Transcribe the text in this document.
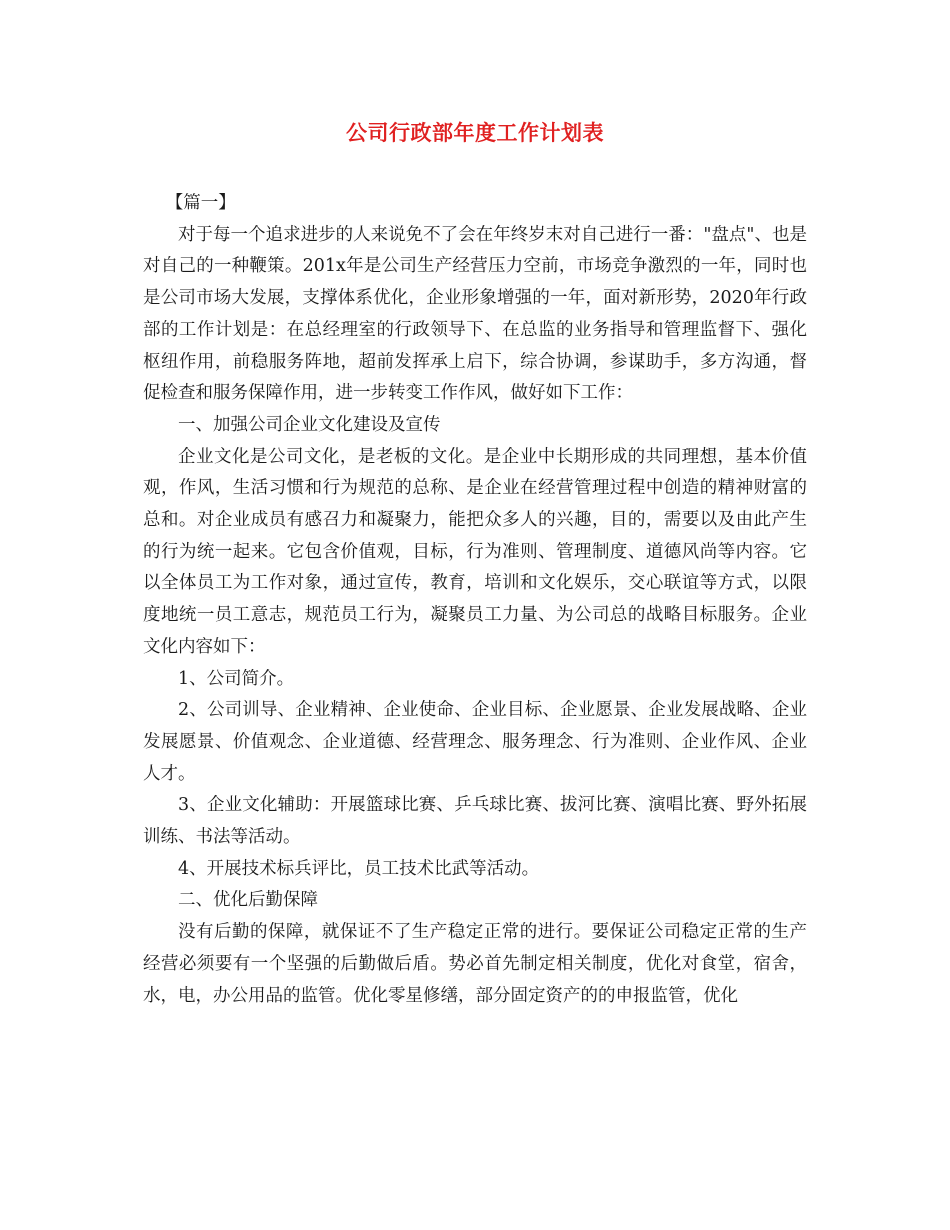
公司行政部年度工作计划表

【篇一】

对于每一个追求进步的人来说免不了会在年终岁末对自己进行一番："盘点"、也是对自己的一种鞭策。201x年是公司生产经营压力空前，市场竞争激烈的一年，同时也是公司市场大发展，支撑体系优化，企业形象增强的一年，面对新形势，2020年行政部的工作计划是：在总经理室的行政领导下、在总监的业务指导和管理监督下、强化枢纽作用，前稳服务阵地，超前发挥承上启下，综合协调，参谋助手，多方沟通，督促检查和服务保障作用，进一步转变工作作风，做好如下工作：

一、加强公司企业文化建设及宣传

企业文化是公司文化，是老板的文化。是企业中长期形成的共同理想，基本价值观，作风，生活习惯和行为规范的总称、是企业在经营管理过程中创造的精神财富的总和。对企业成员有感召力和凝聚力，能把众多人的兴趣，目的，需要以及由此产生的行为统一起来。它包含价值观，目标，行为准则、管理制度、道德风尚等内容。它以全体员工为工作对象，通过宣传，教育，培训和文化娱乐，交心联谊等方式，以限度地统一员工意志，规范员工行为，凝聚员工力量、为公司总的战略目标服务。企业文化内容如下：

1、公司简介。

2、公司训导、企业精神、企业使命、企业目标、企业愿景、企业发展战略、企业发展愿景、价值观念、企业道德、经营理念、服务理念、行为准则、企业作风、企业人才。

3、企业文化辅助：开展篮球比赛、乒乓球比赛、拔河比赛、演唱比赛、野外拓展训练、书法等活动。

4、开展技术标兵评比，员工技术比武等活动。

二、优化后勤保障

没有后勤的保障，就保证不了生产稳定正常的进行。要保证公司稳定正常的生产经营必须要有一个坚强的后勤做后盾。势必首先制定相关制度，优化对食堂，宿舍，水，电，办公用品的监管。优化零星修缮，部分固定资产的的申报监管，优化
